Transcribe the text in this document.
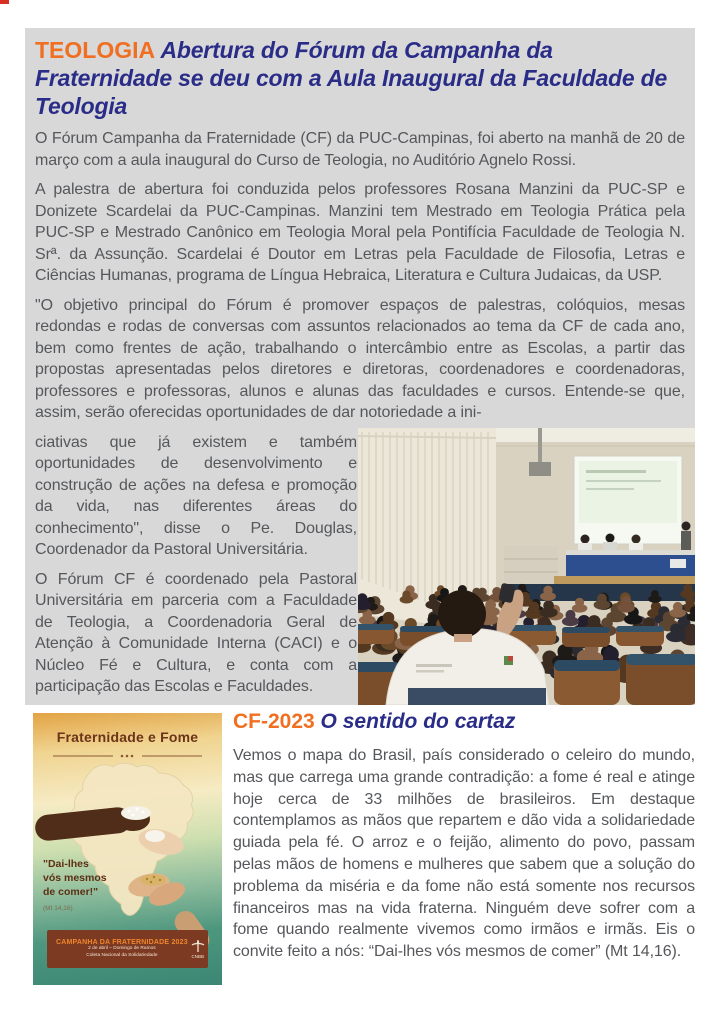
TEOLOGIA Abertura do Fórum da Campanha da Fraternidade se deu com a Aula Inaugural da Faculdade de Teologia

O Fórum Campanha da Fraternidade (CF) da PUC-Campinas, foi aberto na manhã de 20 de março com a aula inaugural do Curso de Teologia, no Auditório Agnelo Rossi.

A palestra de abertura foi conduzida pelos professores Rosana Manzini da PUC-SP e Donizete Scardelai da PUC-Campinas. Manzini tem Mestrado em Teologia Prática pela PUC-SP e Mestrado Canônico em Teologia Moral pela Pontifícia Faculdade de Teologia N. Srª. da Assunção. Scardelai é Doutor em Letras pela Faculdade de Filosofia, Letras e Ciências Humanas, programa de Língua Hebraica, Literatura e Cultura Judaicas, da USP.

"O objetivo principal do Fórum é promover espaços de palestras, colóquios, mesas redondas e rodas de conversas com assuntos relacionados ao tema da CF de cada ano, bem como frentes de ação, trabalhando o intercâmbio entre as Escolas, a partir das propostas apresentadas pelos diretores e diretoras, coordenadores e coordenadoras, professores e professoras, alunos e alunas das faculdades e cursos. Entende-se que, assim, serão oferecidas oportunidades de dar notoriedade a ini-

ciativas que já existem e também oportunidades de desenvolvimento e construção de ações na defesa e promoção da vida, nas diferentes áreas do conhecimento", disse o Pe. Douglas, Coordenador da Pastoral Universitária.

O Fórum CF é coordenado pela Pastoral Universitária em parceria com a Faculdade de Teologia, a Coordenadoria Geral de Atenção à Comunidade Interna (CACI) e o Núcleo Fé e Cultura, e conta com a participação das Escolas e Faculdades.

CF-2023 O sentido do cartaz

Vemos o mapa do Brasil, país considerado o celeiro do mundo, mas que carrega uma grande contradição: a fome é real e atinge hoje cerca de 33 milhões de brasileiros. Em destaque contemplamos as mãos que repartem e dão vida a solidariedade guiada pela fé. O arroz e o feijão, alimento do povo, passam pelas mãos de homens e mulheres que sabem que a solução do problema da miséria e da fome não está somente nos recursos financeiros mas na vida fraterna. Ninguém deve sofrer com a fome quando realmente vivemos como irmãos e irmãs. Eis o convite feito a nós: “Dai-lhes vós mesmos de comer” (Mt 14,16).

Fraternidade e Fome
"Dai-lhes
vós mesmos
de comer!"
(Mt 14,16)
CAMPANHA DA FRATERNIDADE 2023
2 de abril – Domingo de Ramos
Coleta Nacional da Solidariedade	CNBB
